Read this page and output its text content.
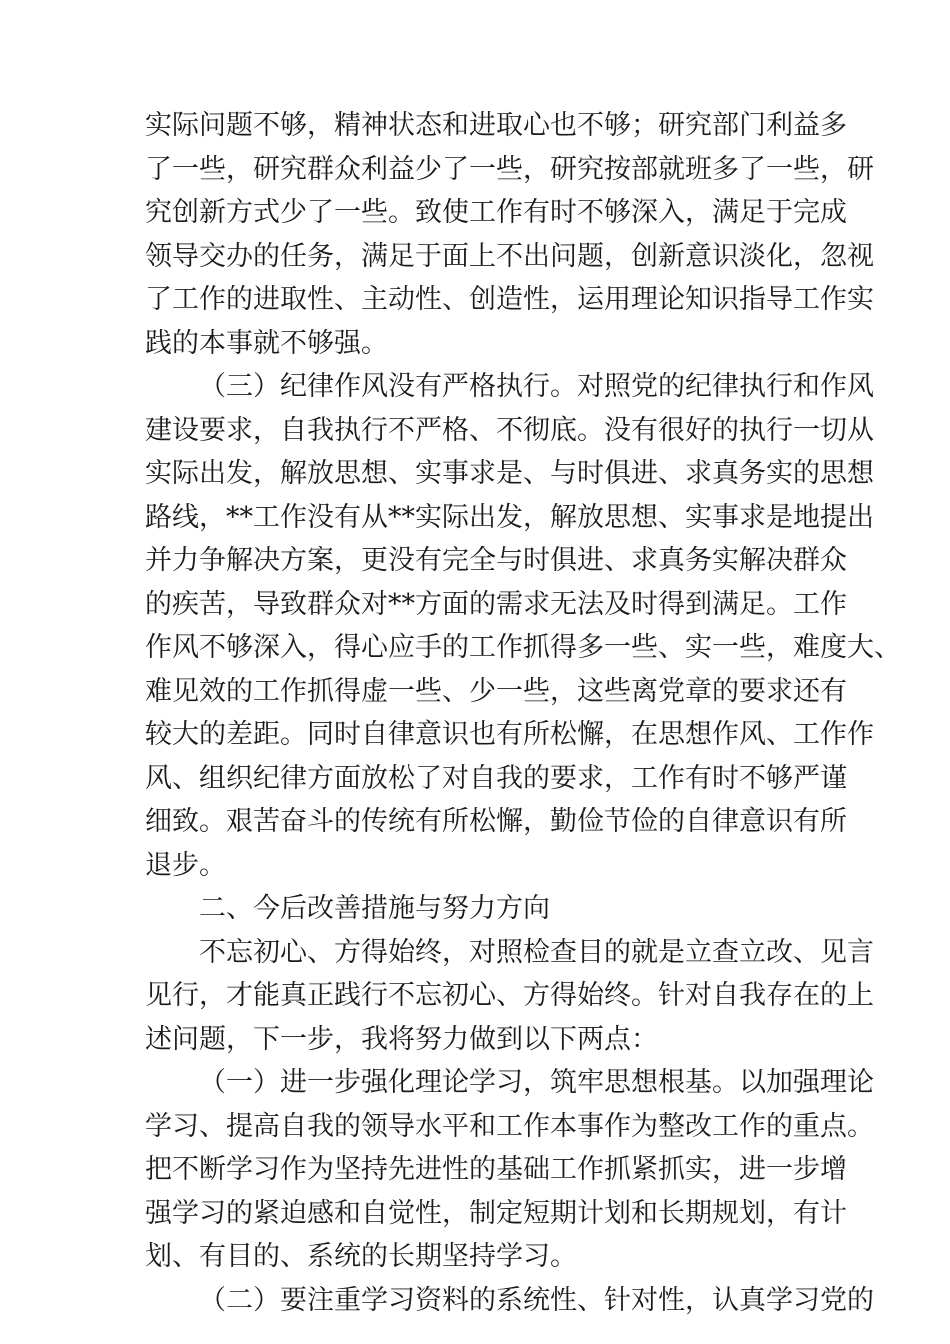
实际问题不够，精神状态和进取心也不够；研究部门利益多
了一些，研究群众利益少了一些，研究按部就班多了一些，研
究创新方式少了一些。致使工作有时不够深入，满足于完成
领导交办的任务，满足于面上不出问题，创新意识淡化，忽视
了工作的进取性、主动性、创造性，运用理论知识指导工作实
践的本事就不够强。
（三）纪律作风没有严格执行。对照党的纪律执行和作风
建设要求，自我执行不严格、不彻底。没有很好的执行一切从
实际出发，解放思想、实事求是、与时俱进、求真务实的思想
路线，**工作没有从**实际出发，解放思想、实事求是地提出
并力争解决方案，更没有完全与时俱进、求真务实解决群众
的疾苦，导致群众对**方面的需求无法及时得到满足。工作
作风不够深入，得心应手的工作抓得多一些、实一些，难度大、
难见效的工作抓得虚一些、少一些，这些离党章的要求还有
较大的差距。同时自律意识也有所松懈，在思想作风、工作作
风、组织纪律方面放松了对自我的要求，工作有时不够严谨
细致。艰苦奋斗的传统有所松懈，勤俭节俭的自律意识有所
退步。
二、今后改善措施与努力方向
不忘初心、方得始终，对照检查目的就是立查立改、见言
见行，才能真正践行不忘初心、方得始终。针对自我存在的上
述问题，下一步，我将努力做到以下两点：
（一）进一步强化理论学习，筑牢思想根基。以加强理论
学习、提高自我的领导水平和工作本事作为整改工作的重点。
把不断学习作为坚持先进性的基础工作抓紧抓实，进一步增
强学习的紧迫感和自觉性，制定短期计划和长期规划，有计
划、有目的、系统的长期坚持学习。
（二）要注重学习资料的系统性、针对性，认真学习党的
